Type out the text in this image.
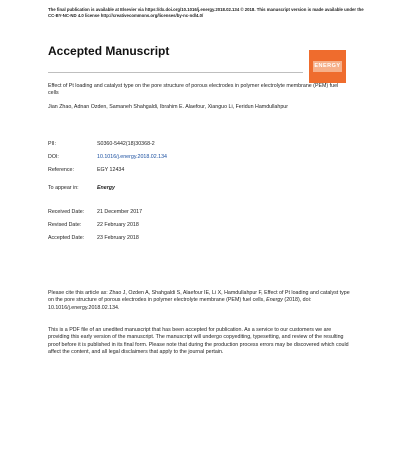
The final publication is available at Elsevier via https://dx.doi.org/10.1016/j.energy.2018.02.134 © 2018. This manuscript version is made available under the CC-BY-NC-ND 4.0 license http://creativecommons.org/licenses/by-nc-nd/4.0/
Accepted Manuscript
ENERGY
Effect of Pt loading and catalyst type on the pore structure of porous electrodes in polymer electrolyte membrane (PEM) fuel cells
Jian Zhao, Adnan Ozden, Samaneh Shahgaldi, Ibrahim E. Alaefour, Xianguo Li, Feridun Hamdullahpur
PII:	S0360-5442(18)30368-2
DOI:	10.1016/j.energy.2018.02.134
Reference:	EGY 12434
To appear in:	Energy
Received Date: 21 December 2017
Revised Date:	22 February 2018
Accepted Date: 23 February 2018
Please cite this article as: Zhao J, Ozden A, Shahgaldi S, Alaefour IE, Li X, Hamdullahpur F, Effect of Pt loading and catalyst type on the pore structure of porous electrodes in polymer electrolyte membrane (PEM) fuel cells, Energy (2018), doi: 10.1016/j.energy.2018.02.134.
This is a PDF file of an unedited manuscript that has been accepted for publication. As a service to our customers we are providing this early version of the manuscript. The manuscript will undergo copyediting, typesetting, and review of the resulting proof before it is published in its final form. Please note that during the production process errors may be discovered which could affect the content, and all legal disclaimers that apply to the journal pertain.
